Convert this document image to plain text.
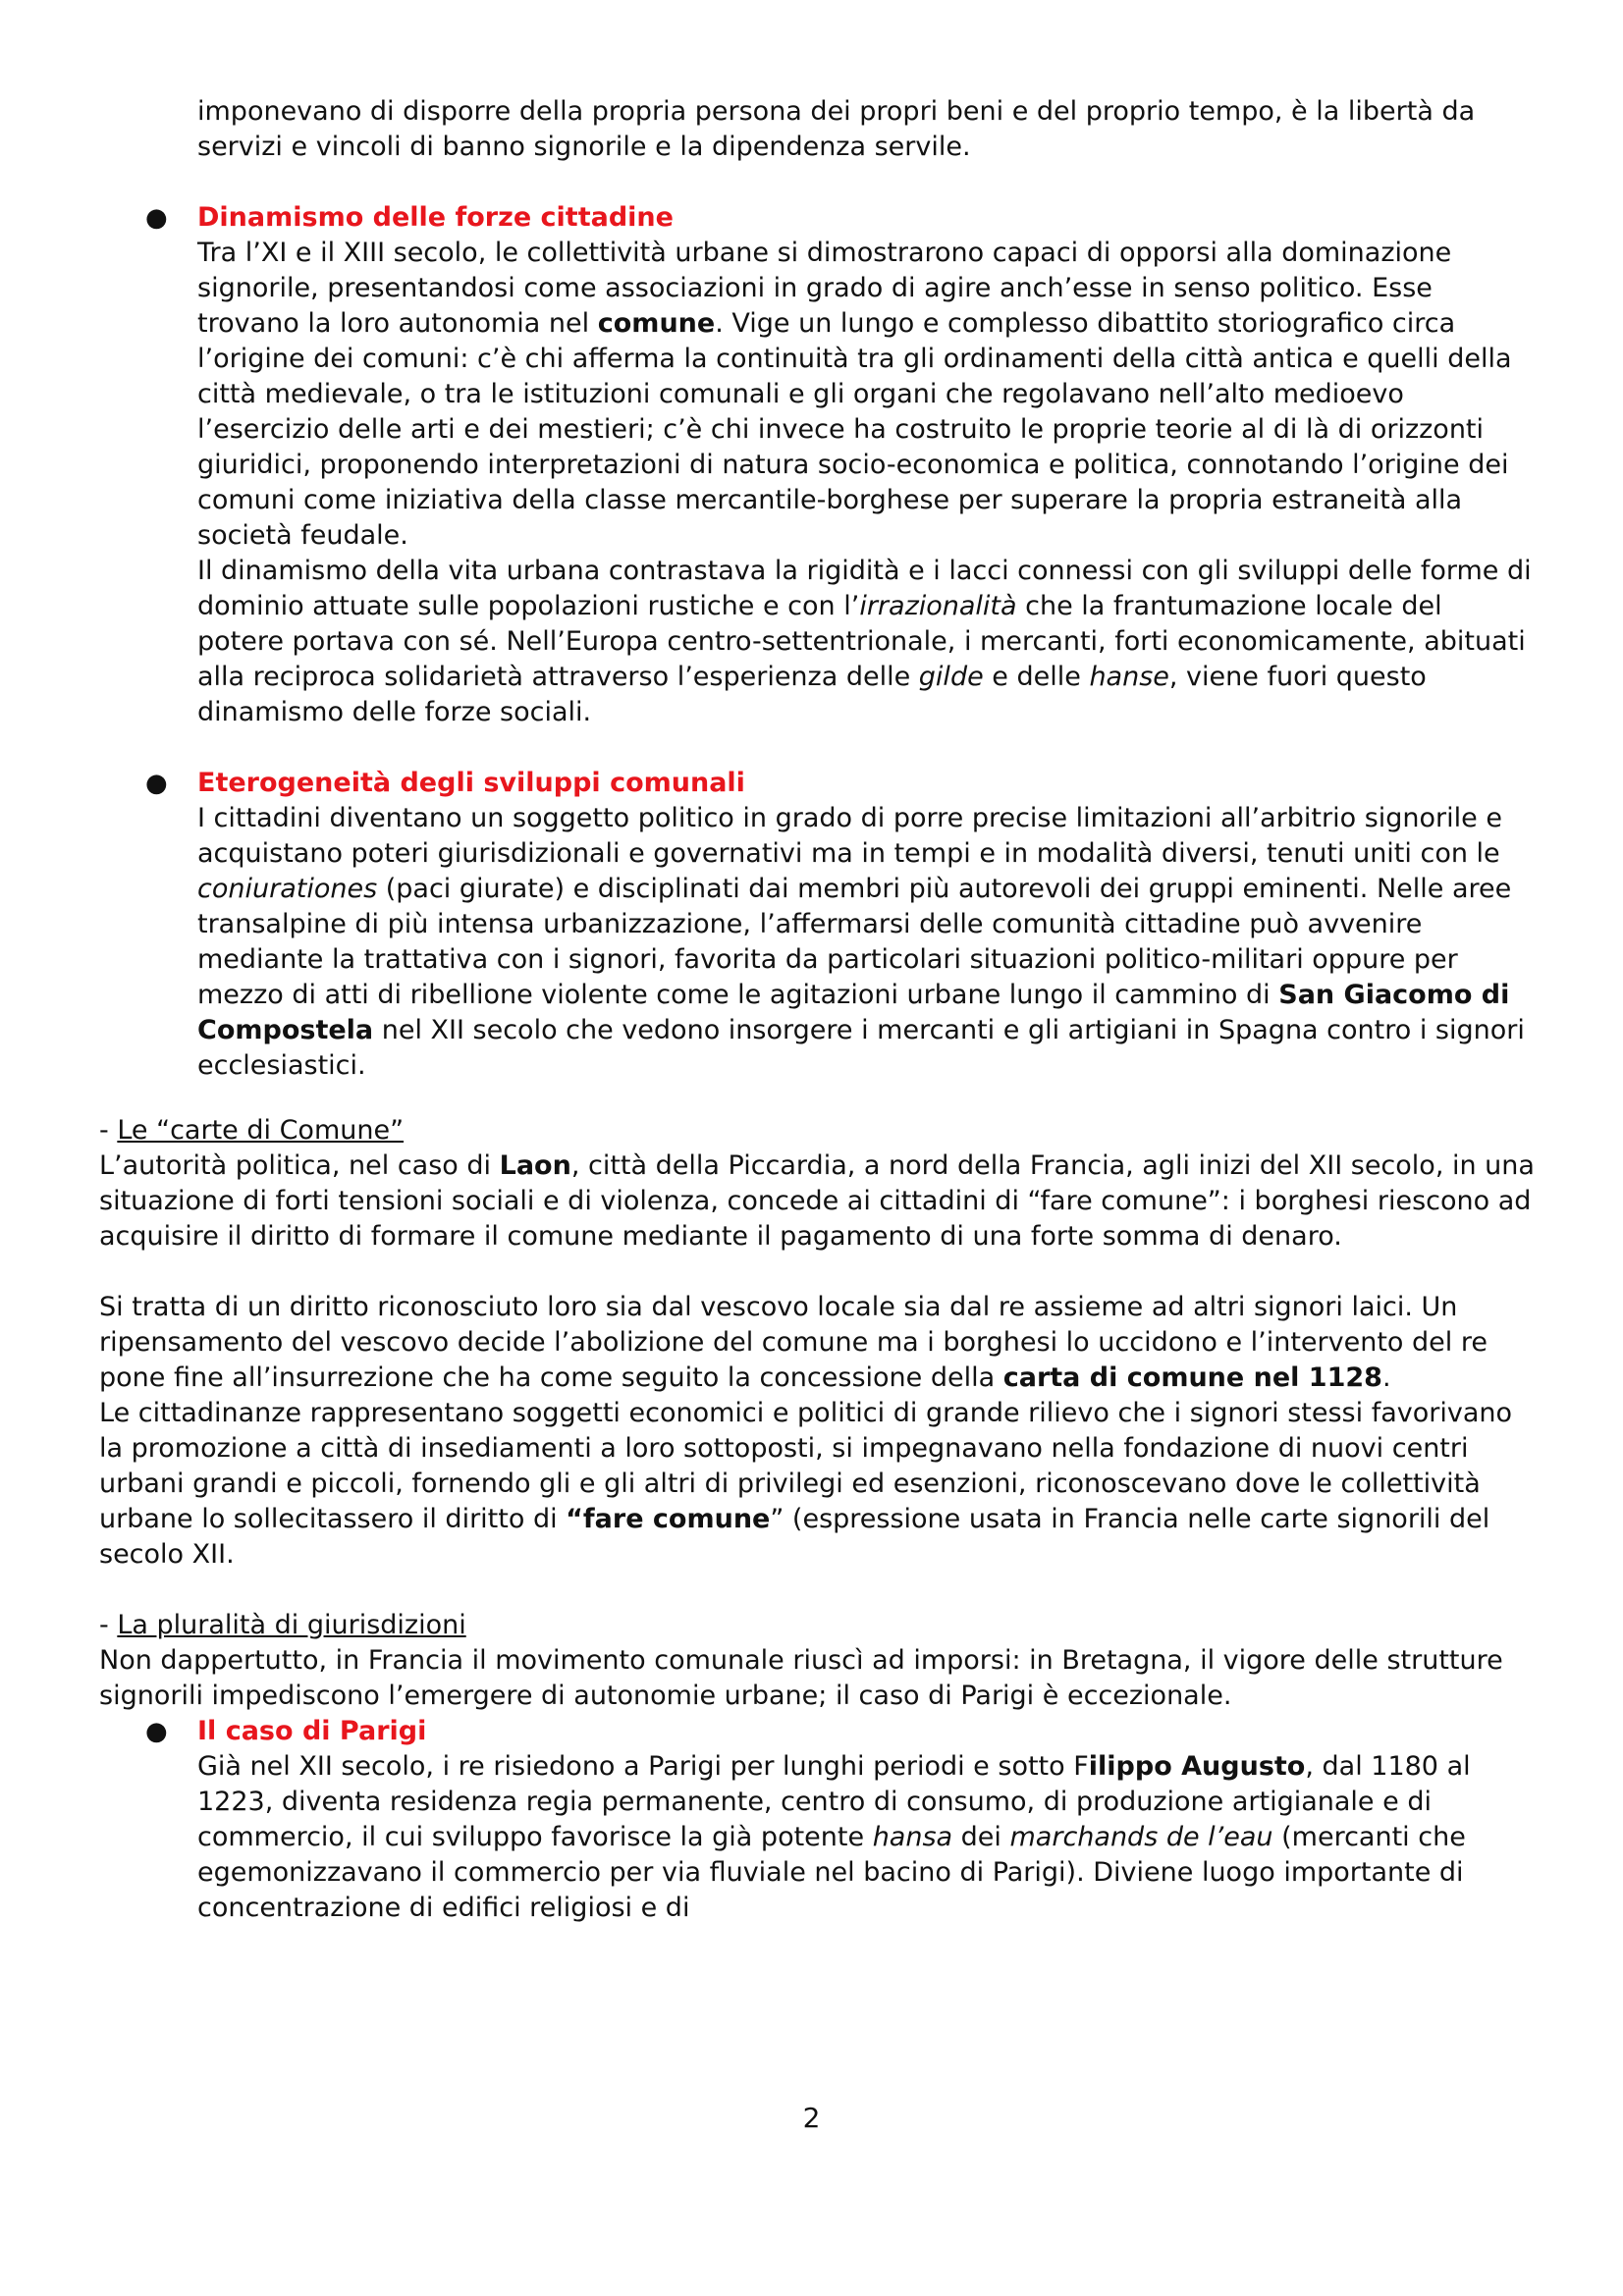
imponevano di disporre della propria persona dei propri beni e del proprio tempo, è la libertà da servizi e vincoli di banno signorile e la dipendenza servile.

● Dinamismo delle forze cittadine

Tra l’XI e il XIII secolo, le collettività urbane si dimostrarono capaci di opporsi alla dominazione signorile, presentandosi come associazioni in grado di agire anch’esse in senso politico. Esse trovano la loro autonomia nel comune. Vige un lungo e complesso dibattito storiografico circa l’origine dei comuni: c’è chi afferma la continuità tra gli ordinamenti della città antica e quelli della città medievale, o tra le istituzioni comunali e gli organi che regolavano nell’alto medioevo l’esercizio delle arti e dei mestieri; c’è chi invece ha costruito le proprie teorie al di là di orizzonti giuridici, proponendo interpretazioni di natura socio-economica e politica, connotando l’origine dei comuni come iniziativa della classe mercantile-borghese per superare la propria estraneità alla società feudale.

Il dinamismo della vita urbana contrastava la rigidità e i lacci connessi con gli sviluppi delle forme di dominio attuate sulle popolazioni rustiche e con l’irrazionalità che la frantumazione locale del potere portava con sé. Nell’Europa centro-settentrionale, i mercanti, forti economicamente, abituati alla reciproca solidarietà attraverso l’esperienza delle gilde e delle hanse, viene fuori questo dinamismo delle forze sociali.

● Eterogeneità degli sviluppi comunali

I cittadini diventano un soggetto politico in grado di porre precise limitazioni all’arbitrio signorile e acquistano poteri giurisdizionali e governativi ma in tempi e in modalità diversi, tenuti uniti con le coniurationes (paci giurate) e disciplinati dai membri più autorevoli dei gruppi eminenti. Nelle aree transalpine di più intensa urbanizzazione, l’affermarsi delle comunità cittadine può avvenire mediante la trattativa con i signori, favorita da particolari situazioni politico-militari oppure per mezzo di atti di ribellione violente come le agitazioni urbane lungo il cammino di San Giacomo di Compostela nel XII secolo che vedono insorgere i mercanti e gli artigiani in Spagna contro i signori ecclesiastici.

- Le “carte di Comune”

L’autorità politica, nel caso di Laon, città della Piccardia, a nord della Francia, agli inizi del XII secolo, in una situazione di forti tensioni sociali e di violenza, concede ai cittadini di “fare comune”: i borghesi riescono ad acquisire il diritto di formare il comune mediante il pagamento di una forte somma di denaro.

Si tratta di un diritto riconosciuto loro sia dal vescovo locale sia dal re assieme ad altri signori laici. Un ripensamento del vescovo decide l’abolizione del comune ma i borghesi lo uccidono e l’intervento del re pone fine all’insurrezione che ha come seguito la concessione della carta di comune nel 1128.

Le cittadinanze rappresentano soggetti economici e politici di grande rilievo che i signori stessi favorivano la promozione a città di insediamenti a loro sottoposti, si impegnavano nella fondazione di nuovi centri urbani grandi e piccoli, fornendo gli e gli altri di privilegi ed esenzioni, riconoscevano dove le collettività urbane lo sollecitassero il diritto di “fare comune” (espressione usata in Francia nelle carte signorili del secolo XII.

- La pluralità di giurisdizioni

Non dappertutto, in Francia il movimento comunale riuscì ad imporsi: in Bretagna, il vigore delle strutture signorili impediscono l’emergere di autonomie urbane; il caso di Parigi è eccezionale.

● Il caso di Parigi

Già nel XII secolo, i re risiedono a Parigi per lunghi periodi e sotto Filippo Augusto, dal 1180 al 1223, diventa residenza regia permanente, centro di consumo, di produzione artigianale e di commercio, il cui sviluppo favorisce la già potente hansa dei marchands de l’eau (mercanti che egemonizzavano il commercio per via fluviale nel bacino di Parigi). Diviene luogo importante di concentrazione di edifici religiosi e di

2
